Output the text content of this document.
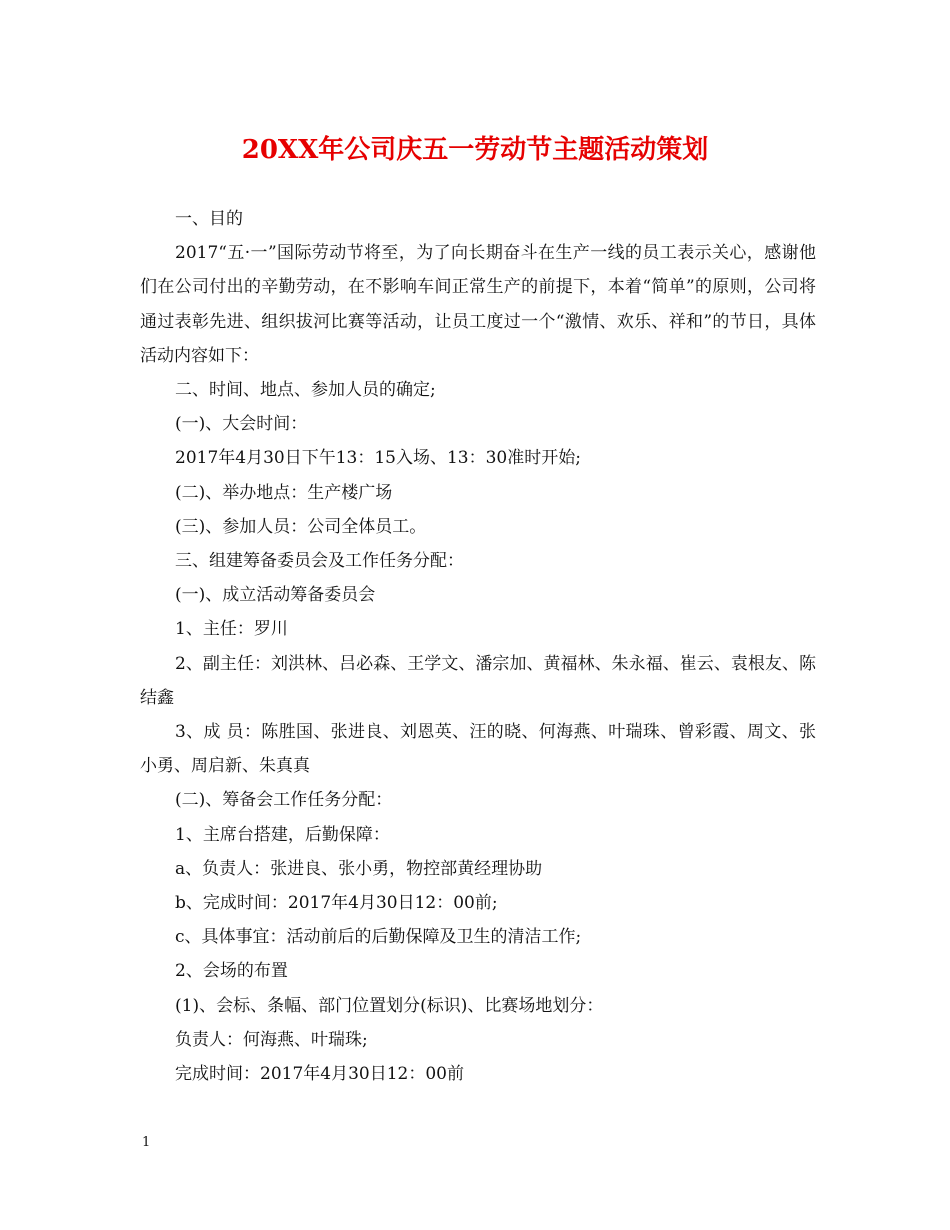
20XX年公司庆五一劳动节主题活动策划

一、目的

2017“五·一”国际劳动节将至，为了向长期奋斗在生产一线的员工表示关心，感谢他们在公司付出的辛勤劳动，在不影响车间正常生产的前提下，本着“简单”的原则，公司将通过表彰先进、组织拔河比赛等活动，让员工度过一个“激情、欢乐、祥和”的节日，具体活动内容如下：

二、时间、地点、参加人员的确定;

(一)、大会时间：

2017年4月30日下午13：15入场、13：30准时开始;

(二)、举办地点：生产楼广场

(三)、参加人员：公司全体员工。

三、组建筹备委员会及工作任务分配：

(一)、成立活动筹备委员会

1、主任：罗川

2、副主任：刘洪林、吕必森、王学文、潘宗加、黄福林、朱永福、崔云、袁根友、陈结鑫

3、成 员：陈胜国、张进良、刘恩英、汪的晓、何海燕、叶瑞珠、曾彩霞、周文、张小勇、周启新、朱真真

(二)、筹备会工作任务分配：

1、主席台搭建，后勤保障：

a、负责人：张进良、张小勇，物控部黄经理协助

b、完成时间：2017年4月30日12：00前;

c、具体事宜：活动前后的后勤保障及卫生的清洁工作;

2、会场的布置

(1)、会标、条幅、部门位置划分(标识)、比赛场地划分：

负责人：何海燕、叶瑞珠;

完成时间：2017年4月30日12：00前

1
